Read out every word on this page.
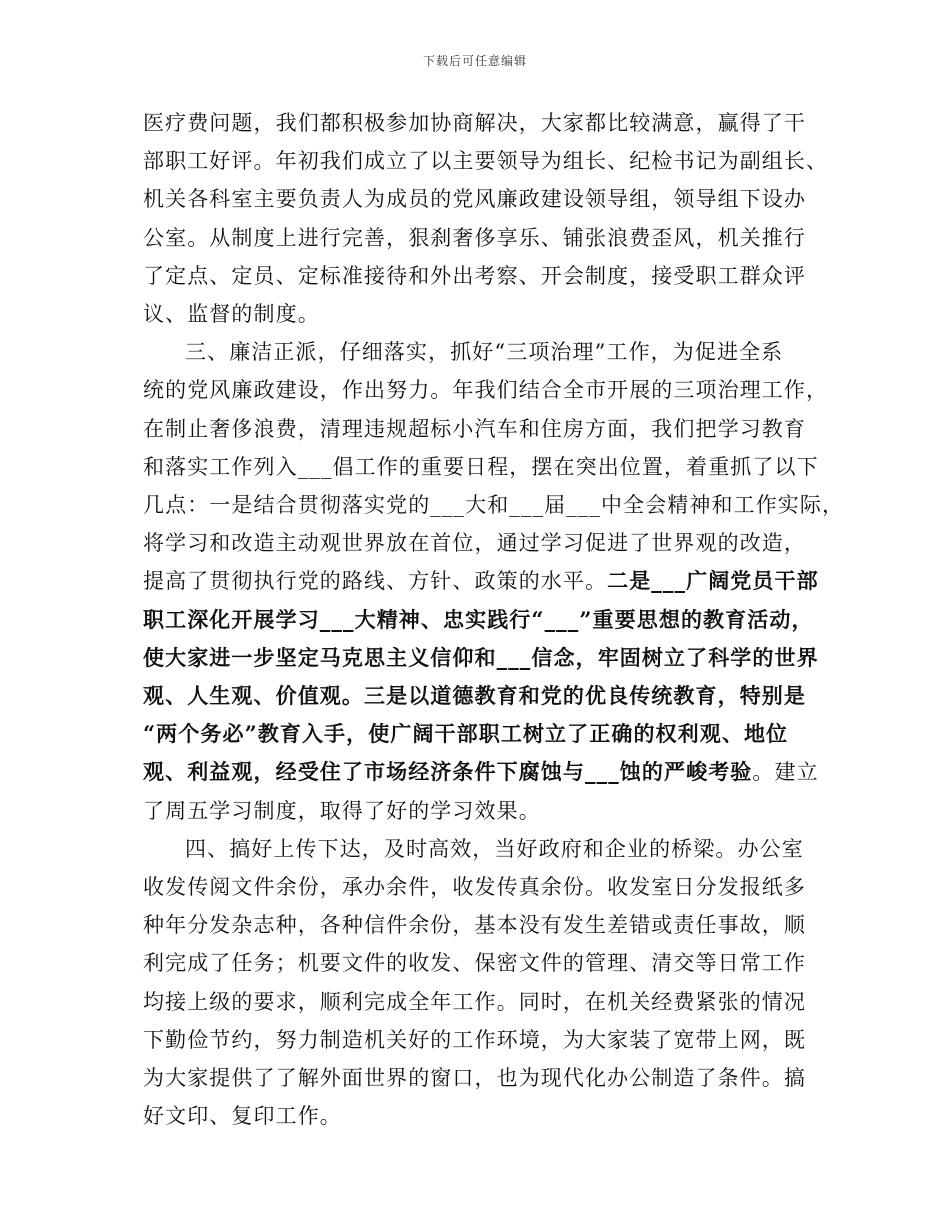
下载后可任意编辑

医疗费问题，我们都积极参加协商解决，大家都比较满意，赢得了干
部职工好评。年初我们成立了以主要领导为组长、纪检书记为副组长、
机关各科室主要负责人为成员的党风廉政建设领导组，领导组下设办
公室。从制度上进行完善，狠刹奢侈享乐、铺张浪费歪风，机关推行
了定点、定员、定标准接待和外出考察、开会制度，接受职工群众评
议、监督的制度。

三、廉洁正派，仔细落实，抓好“三项治理”工作，为促进全系
统的党风廉政建设，作出努力。年我们结合全市开展的三项治理工作，
在制止奢侈浪费，清理违规超标小汽车和住房方面，我们把学习教育
和落实工作列入___倡工作的重要日程，摆在突出位置，着重抓了以下
几点：一是结合贯彻落实党的___大和___届___中全会精神和工作实际，
将学习和改造主动观世界放在首位，通过学习促进了世界观的改造，
提高了贯彻执行党的路线、方针、政策的水平。二是___广阔党员干部
职工深化开展学习___大精神、忠实践行“___”重要思想的教育活动，
使大家进一步坚定马克思主义信仰和___信念，牢固树立了科学的世界
观、人生观、价值观。三是以道德教育和党的优良传统教育，特别是
“两个务必”教育入手，使广阔干部职工树立了正确的权利观、地位
观、利益观，经受住了市场经济条件下腐蚀与___蚀的严峻考验。建立
了周五学习制度，取得了好的学习效果。

四、搞好上传下达，及时高效，当好政府和企业的桥梁。办公室
收发传阅文件余份，承办余件，收发传真余份。收发室日分发报纸多
种年分发杂志种，各种信件余份，基本没有发生差错或责任事故，顺
利完成了任务；机要文件的收发、保密文件的管理、清交等日常工作
均接上级的要求，顺利完成全年工作。同时，在机关经费紧张的情况
下勤俭节约，努力制造机关好的工作环境，为大家装了宽带上网，既
为大家提供了了解外面世界的窗口，也为现代化办公制造了条件。搞
好文印、复印工作。
